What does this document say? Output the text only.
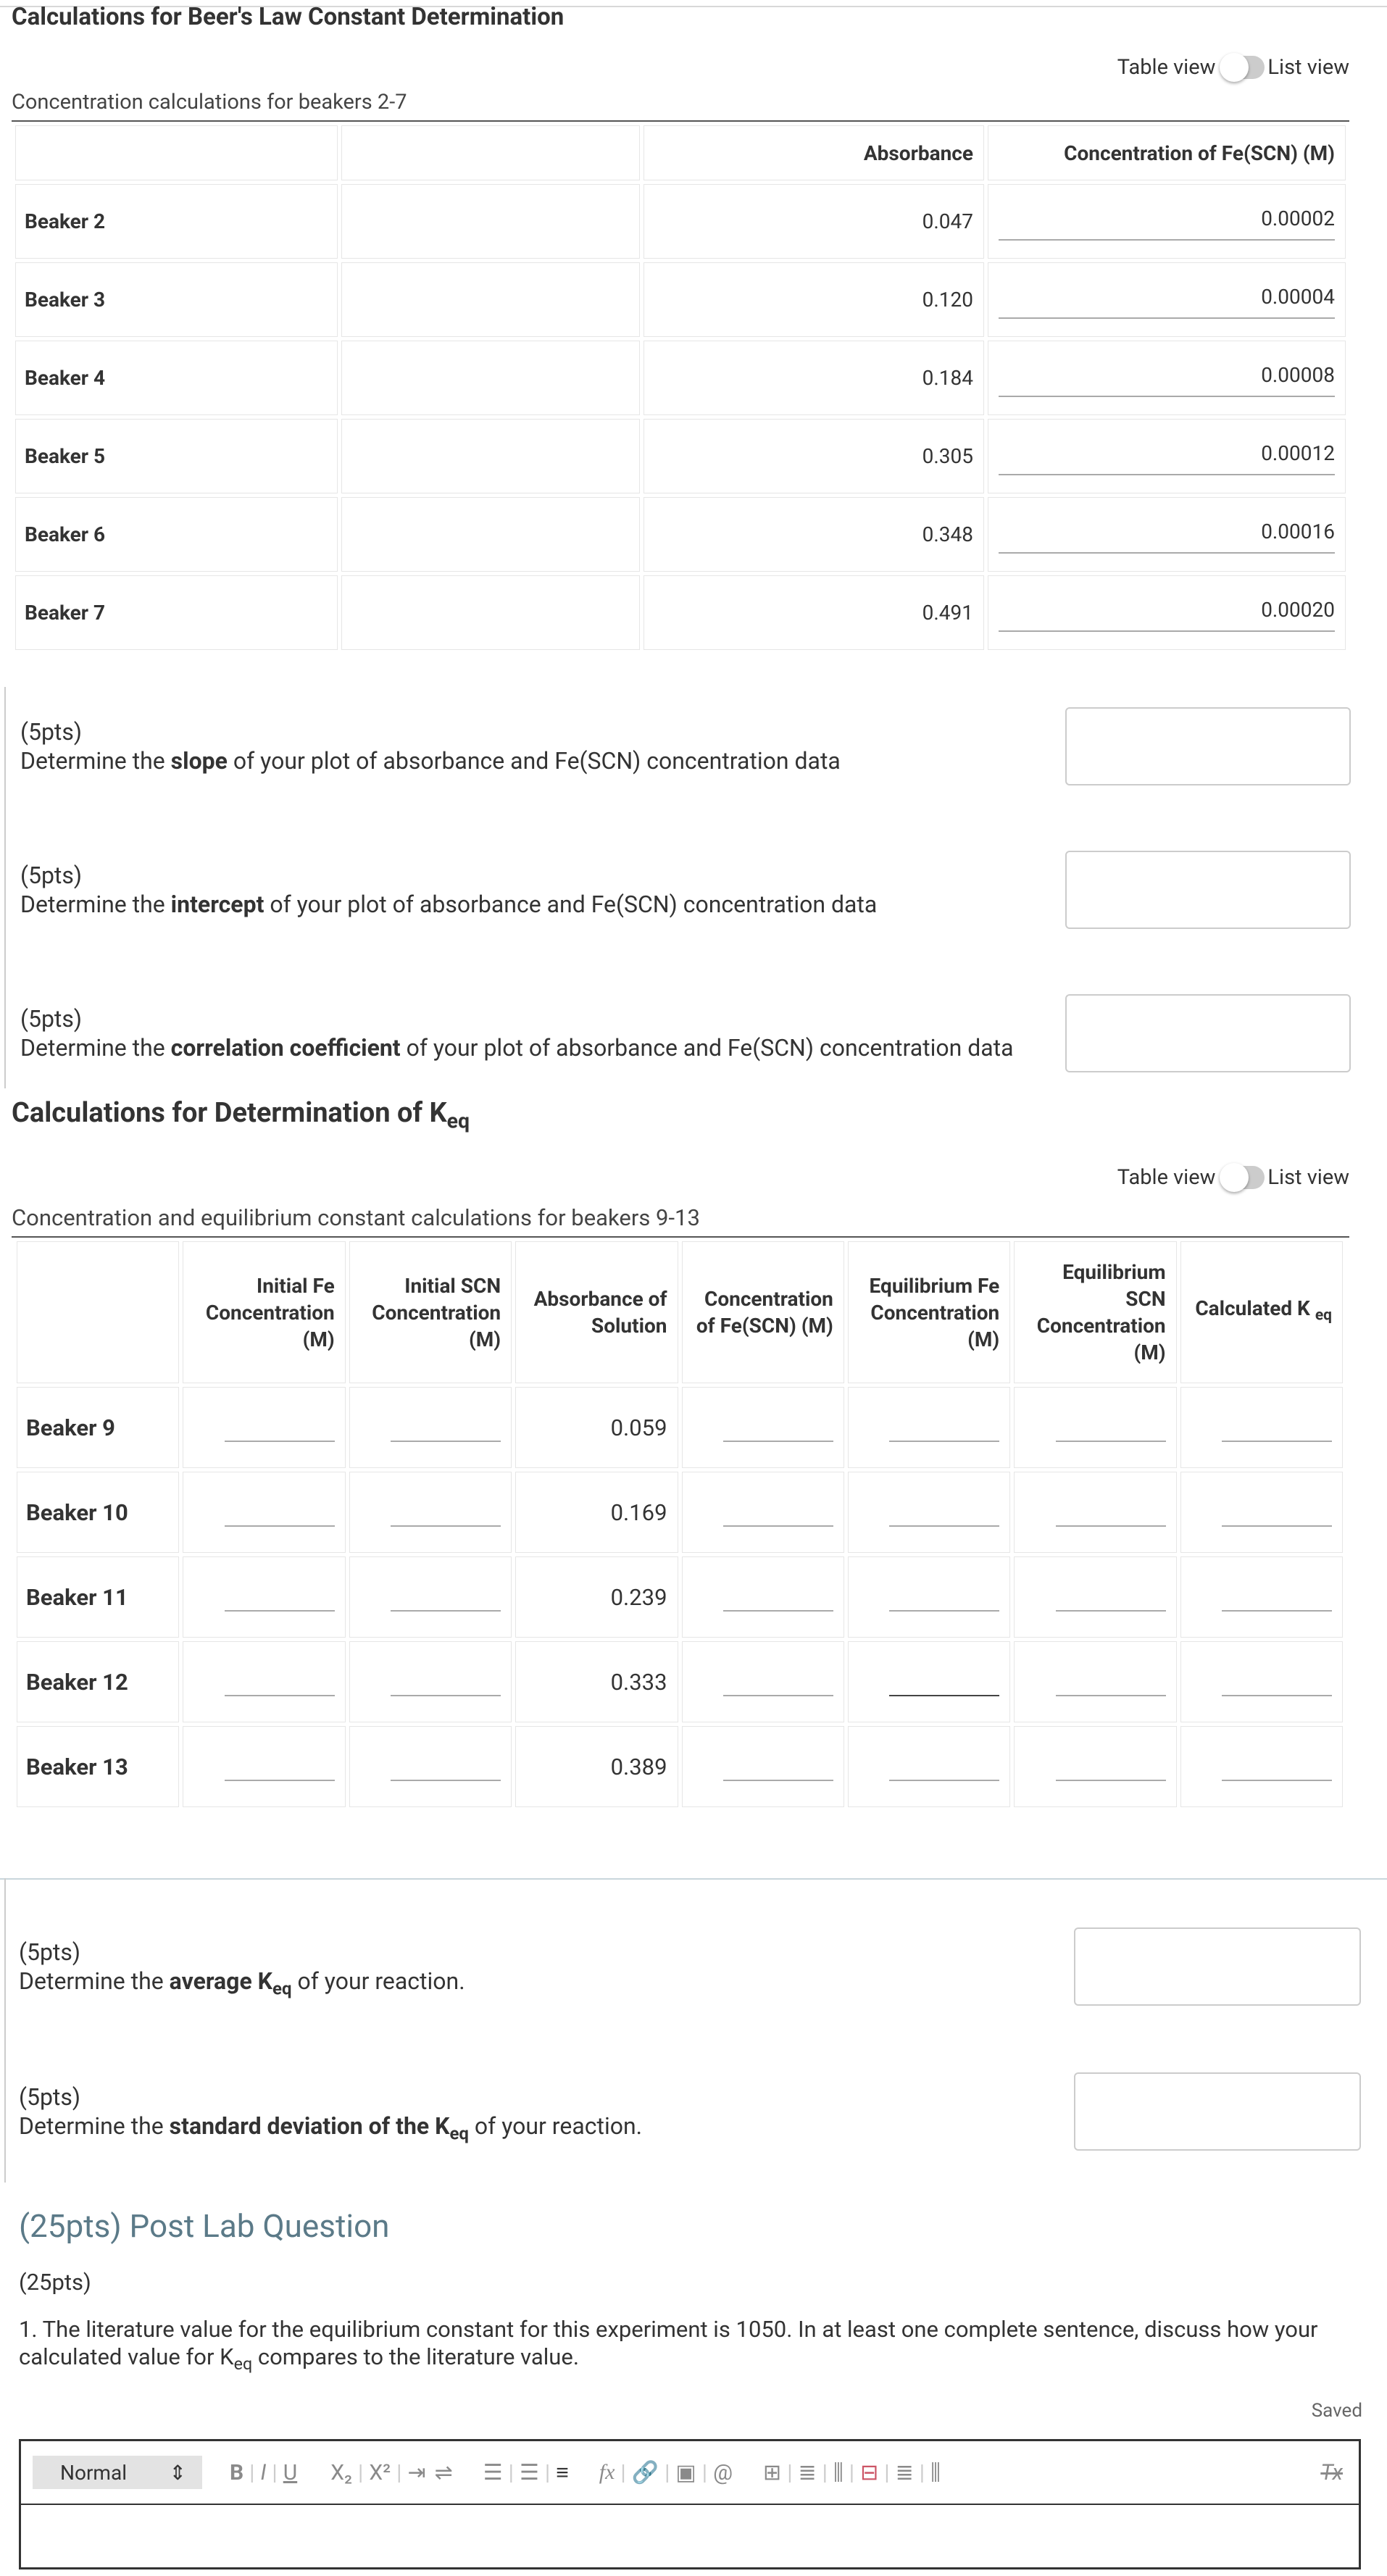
Calculations for Beer's Law Constant Determination
Table view List view
Concentration calculations for beakers 2-7
		Absorbance	Concentration of Fe(SCN) (M)
Beaker 2		0.047	0.00002

Beaker 3		0.120	0.00004

Beaker 4		0.184	0.00008

Beaker 5		0.305	0.00012

Beaker 6		0.348	0.00016

Beaker 7		0.491	0.00020
(5pts)
Determine the slope of your plot of absorbance and Fe(SCN) concentration data
(5pts)
Determine the intercept of your plot of absorbance and Fe(SCN) concentration data
(5pts)
Determine the correlation coefficient of your plot of absorbance and Fe(SCN) concentration data
Calculations for Determination of $K_{eq}$
Table view List view
Concentration and equilibrium constant calculations for beakers 9-13
	Initial Fe Concentration (M)	Initial SCN Concentration (M)	Absorbance of Solution	Concentration of Fe(SCN) (M)	Equilibrium Fe Concentration (M)	Equilibrium SCN Concentration (M)	Calculated K $_{eq}$
Beaker 9			0.059	

Beaker 10			0.169	

Beaker 11			0.239	

Beaker 12			0.333	

Beaker 13			0.389	

(5pts)
Determine the average $K_{eq}$ of your reaction.
(5pts)
Determine the standard deviation of the $K_{eq}$ of your reaction.
(25pts) Post Lab Question
(25pts)
1. The literature value for the equilibrium constant for this experiment is 1050. In at least one complete sentence, discuss how your calculated value for $K_{eq}$ compares to the literature value.
Saved
Normal ⇕ B | I | U X₂ | X² | ⇥ ⇌ ☰ | ☰ | ≡ fx | 🔗 | ▣ | @ ⊞ | ≣ | ⫼ | ⊟ | ≣ | ⫼	Tx
